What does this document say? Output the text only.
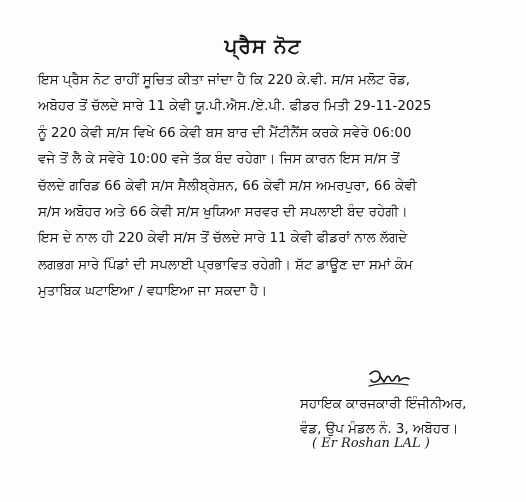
ਪ੍ਰੈਸ ਨੋਟ
ਇਸ ਪ੍ਰੈਸ ਨੋਟ ਰਾਹੀਂ ਸੂਚਿਤ ਕੀਤਾ ਜਾਂਦਾ ਹੈ ਕਿ 220 ਕੇ.ਵੀ. ਸ/ਸ ਮਲੋਟ ਰੋਡ,
ਅਬੋਹਰ ਤੋਂ ਚੱਲਦੇ ਸਾਰੇ 11 ਕੇਵੀ ਯੂ.ਪੀ.ਐਸ./ਏ.ਪੀ. ਫੀਡਰ ਮਿਤੀ 29-11-2025
ਨੂੰ 220 ਕੇਵੀ ਸ/ਸ ਵਿਖੇ 66 ਕੇਵੀ ਬਸ ਬਾਰ ਦੀ ਮੈਂਟੀਨੈਂਸ ਕਰਕੇ ਸਵੇਰੇ 06:00
ਵਜੇ ਤੋਂ ਲੈ ਕੇ ਸਵੇਰੇ 10:00 ਵਜੇ ਤੱਕ ਬੰਦ ਰਹੇਗਾ। ਜਿਸ ਕਾਰਨ ਇਸ ਸ/ਸ ਤੋਂ
ਚੱਲਦੇ ਗਰਿਡ 66 ਕੇਵੀ ਸ/ਸ ਸੈਲੀਬ੍ਰੇਸ਼ਨ, 66 ਕੇਵੀ ਸ/ਸ ਅਮਰਪੁਰਾ, 66 ਕੇਵੀ
ਸ/ਸ ਅਬੋਹਰ ਅਤੇ 66 ਕੇਵੀ ਸ/ਸ ਖੁਯਿਆ ਸਰਵਰ ਦੀ ਸਪਲਾਈ ਬੰਦ ਰਹੇਗੀ।
ਇਸ ਦੇ ਨਾਲ ਹੀ 220 ਕੇਵੀ ਸ/ਸ ਤੋਂ ਚੱਲਦੇ ਸਾਰੇ 11 ਕੇਵੀ ਫੀਡਰਾਂ ਨਾਲ ਲੱਗਦੇ
ਲਗਭਗ ਸਾਰੇ ਪਿੰਡਾਂ ਦੀ ਸਪਲਾਈ ਪ੍ਰਭਾਵਿਤ ਰਹੇਗੀ। ਸ਼ੱਟ ਡਾਊਣ ਦਾ ਸਮਾਂ ਕੰਮ
ਮੁਤਾਬਿਕ ਘਟਾਇਆ / ਵਧਾਇਆ ਜਾ ਸਕਦਾ ਹੈ।
ਸਹਾਇਕ ਕਾਰਜਕਾਰੀ ਇੰਜੀਨੀਅਰ,
ਵੰਡ, ਉਪ ਮੰਡਲ ਨੰ. 3, ਅਬੋਹਰ।
( Er Roshan LAL )
